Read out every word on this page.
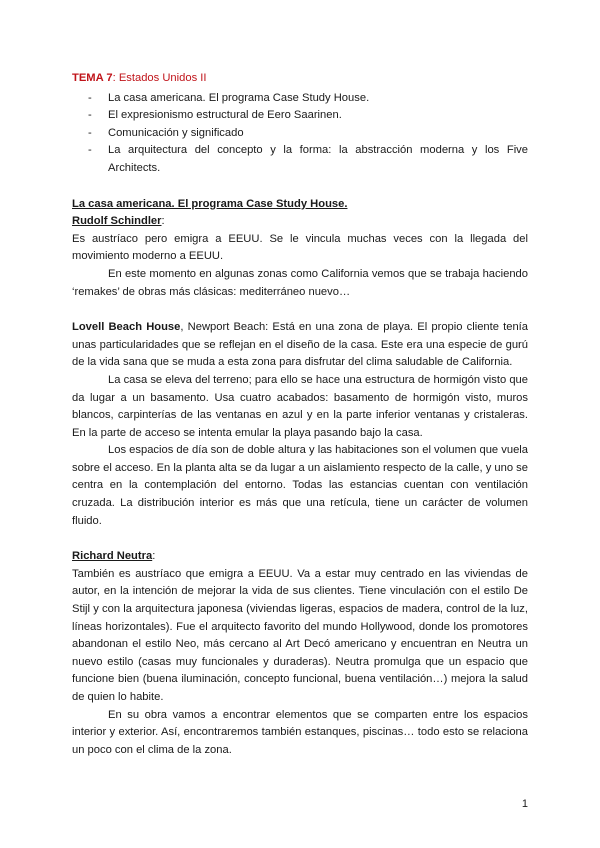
TEMA 7: Estados Unidos II

- La casa americana. El programa Case Study House.
- El expresionismo estructural de Eero Saarinen.
- Comunicación y significado
- La arquitectura del concepto y la forma: la abstracción moderna y los Five Architects.

La casa americana. El programa Case Study House.

Rudolf Schindler:

Es austríaco pero emigra a EEUU. Se le vincula muchas veces con la llegada del movimiento moderno a EEUU.

En este momento en algunas zonas como California vemos que se trabaja haciendo ‘remakes’ de obras más clásicas: mediterráneo nuevo…

Lovell Beach House, Newport Beach: Está en una zona de playa. El propio cliente tenía unas particularidades que se reflejan en el diseño de la casa. Este era una especie de gurú de la vida sana que se muda a esta zona para disfrutar del clima saludable de California.

La casa se eleva del terreno; para ello se hace una estructura de hormigón visto que da lugar a un basamento. Usa cuatro acabados: basamento de hormigón visto, muros blancos, carpinterías de las ventanas en azul y en la parte inferior ventanas y cristaleras. En la parte de acceso se intenta emular la playa pasando bajo la casa.

Los espacios de día son de doble altura y las habitaciones son el volumen que vuela sobre el acceso. En la planta alta se da lugar a un aislamiento respecto de la calle, y uno se centra en la contemplación del entorno. Todas las estancias cuentan con ventilación cruzada. La distribución interior es más que una retícula, tiene un carácter de volumen fluido.

Richard Neutra:

También es austríaco que emigra a EEUU. Va a estar muy centrado en las viviendas de autor, en la intención de mejorar la vida de sus clientes. Tiene vinculación con el estilo De Stijl y con la arquitectura japonesa (viviendas ligeras, espacios de madera, control de la luz, líneas horizontales). Fue el arquitecto favorito del mundo Hollywood, donde los promotores abandonan el estilo Neo, más cercano al Art Decó americano y encuentran en Neutra un nuevo estilo (casas muy funcionales y duraderas). Neutra promulga que un espacio que funcione bien (buena iluminación, concepto funcional, buena ventilación…) mejora la salud de quien lo habite.

En su obra vamos a encontrar elementos que se comparten entre los espacios interior y exterior. Así, encontraremos también estanques, piscinas… todo esto se relaciona un poco con el clima de la zona.

1
